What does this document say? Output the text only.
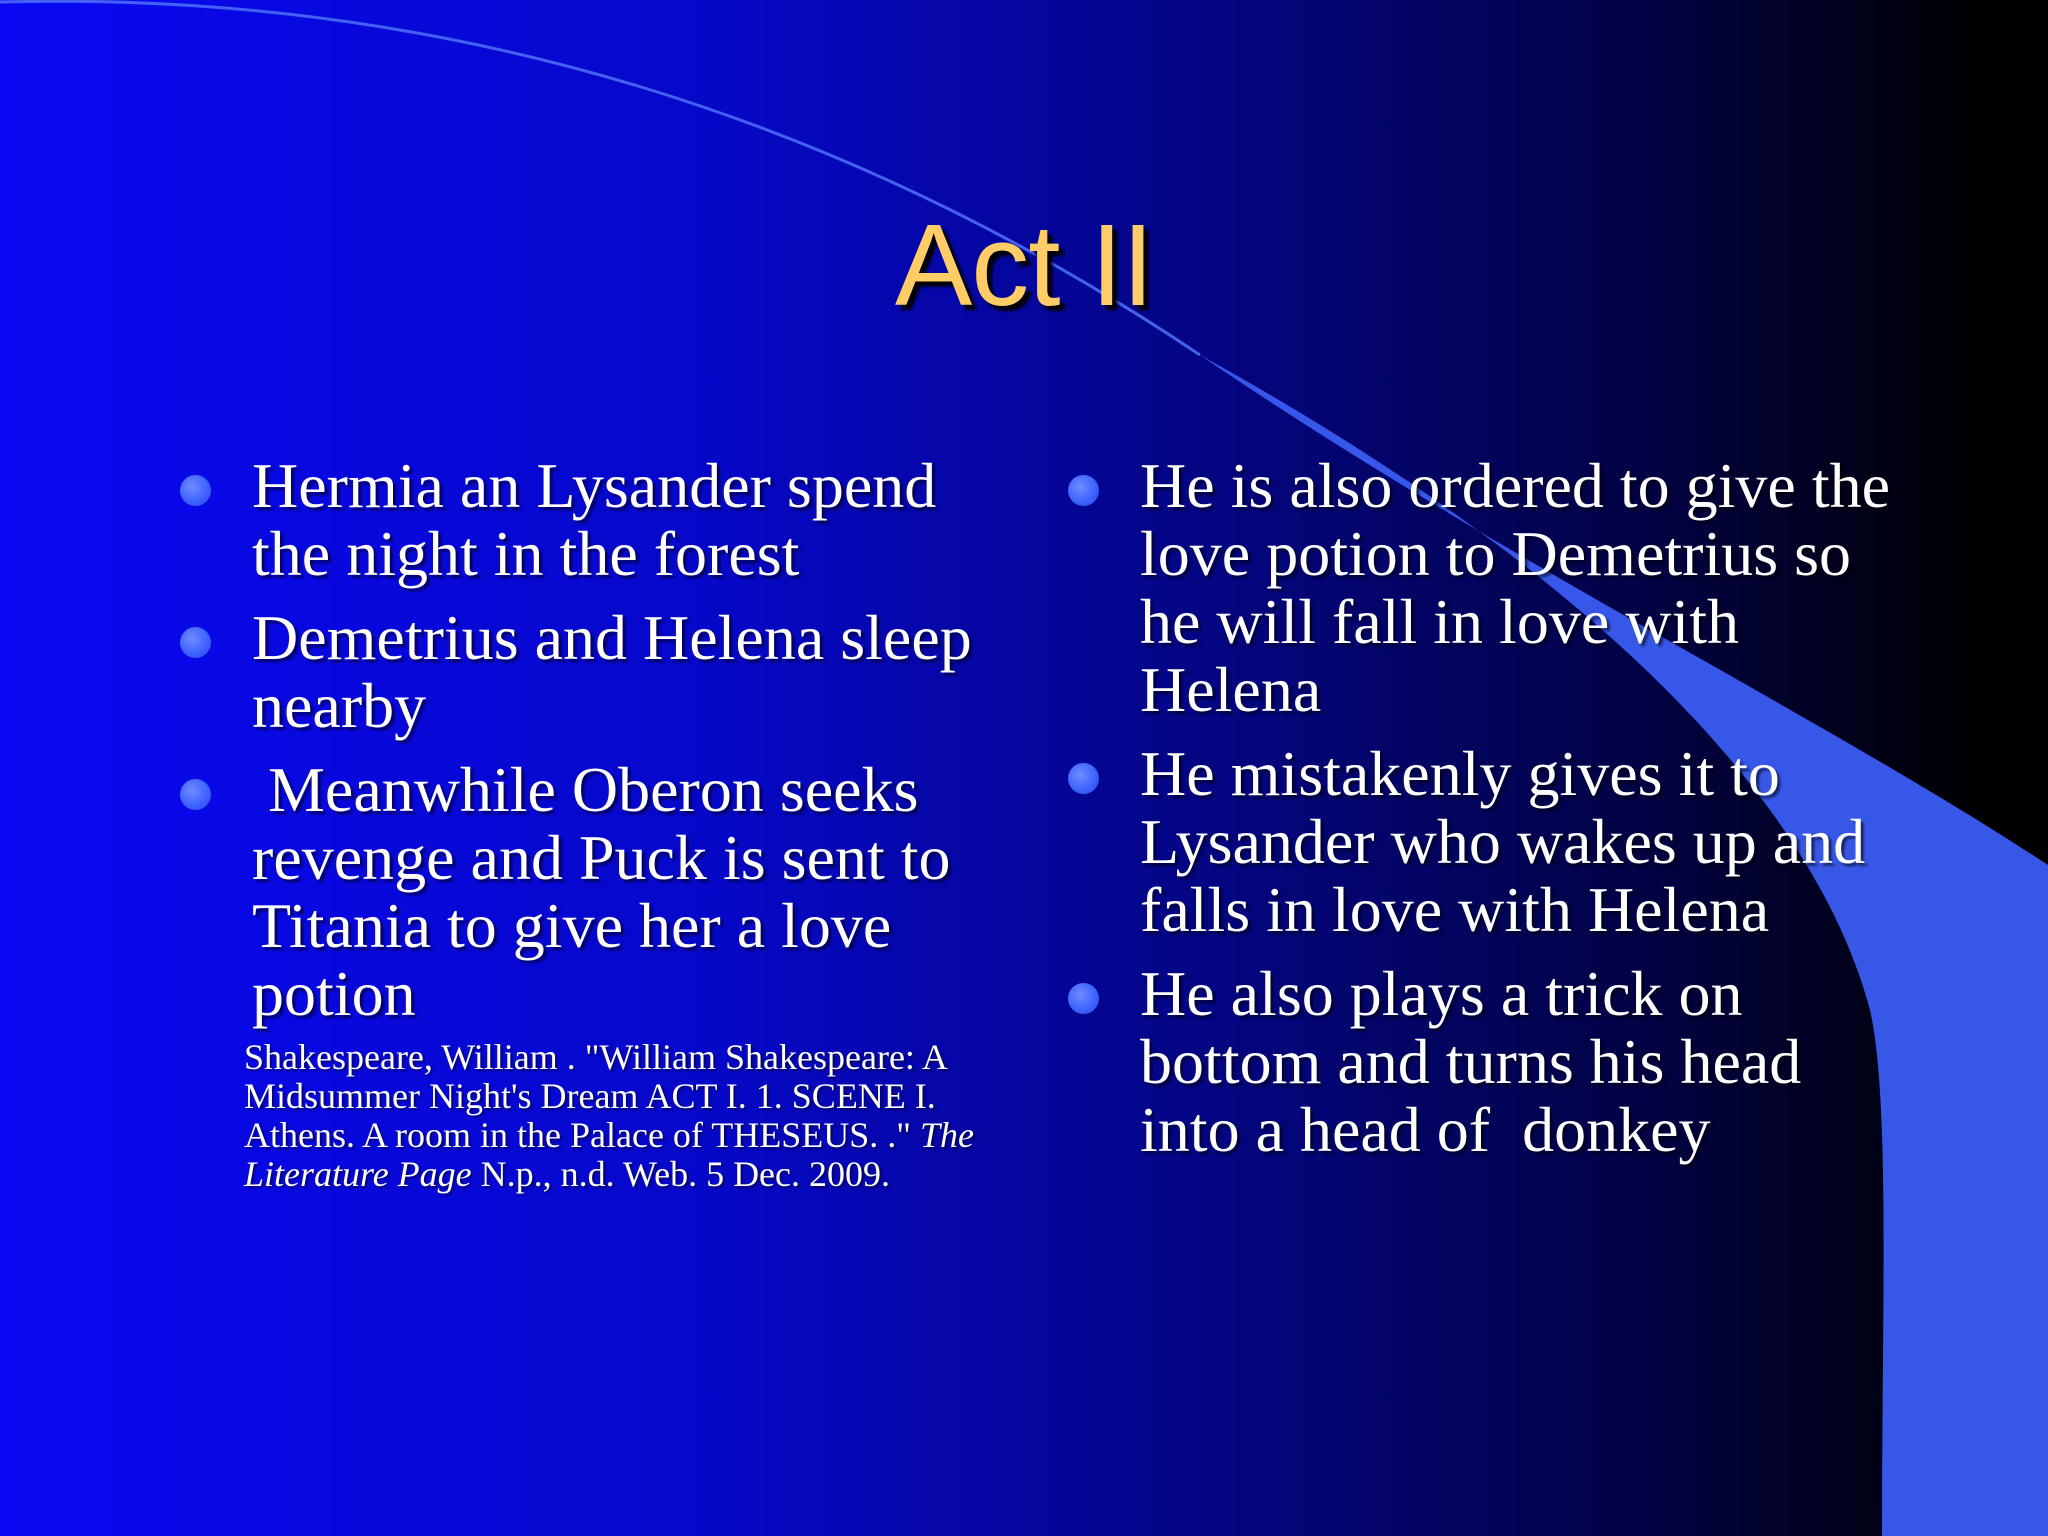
Act II
Hermia an Lysander spend the night in the forest
Demetrius and Helena sleep nearby
Meanwhile Oberon seeks revenge and Puck is sent to Titania to give her a love potion
Shakespeare, William . "William Shakespeare: A Midsummer Night's Dream ACT I. 1. SCENE I. Athens. A room in the Palace of THESEUS. ." The Literature Page N.p., n.d. Web. 5 Dec. 2009.
He is also ordered to give the love potion to Demetrius so he will fall in love with Helena
He mistakenly gives it to Lysander who wakes up and falls in love with Helena
He also plays a trick on bottom and turns his head into a head of  donkey
